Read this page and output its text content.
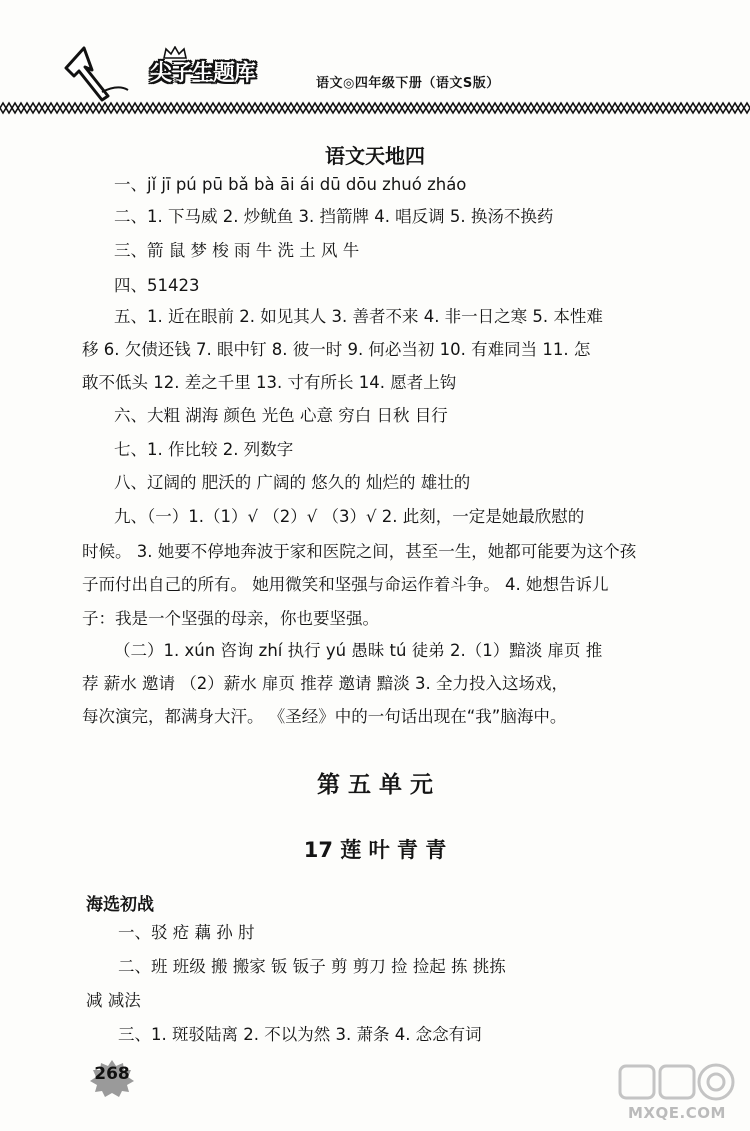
尖子生题库	语文◎四年级下册（语文S版）
语文天地四
一、jǐ jī pú pū bǎ bà āi ái dū dōu zhuó zháo
二、1. 下马威 2. 炒鱿鱼 3. 挡箭牌 4. 唱反调 5. 换汤不换药
三、箭 鼠 梦 梭 雨 牛 洗 土 风 牛
四、51423
五、1. 近在眼前 2. 如见其人 3. 善者不来 4. 非一日之寒 5. 本性难
移 6. 欠债还钱 7. 眼中钉 8. 彼一时 9. 何必当初 10. 有难同当 11. 怎
敢不低头 12. 差之千里 13. 寸有所长 14. 愿者上钩
六、大粗 湖海 颜色 光色 心意 穷白 日秋 目行
七、1. 作比较 2. 列数字
八、辽阔的 肥沃的 广阔的 悠久的 灿烂的 雄壮的
九、（一）1.（1）√ （2）√ （3）√ 2. 此刻，一定是她最欣慰的
时候。 3. 她要不停地奔波于家和医院之间，甚至一生，她都可能要为这个孩
子而付出自己的所有。 她用微笑和坚强与命运作着斗争。 4. 她想告诉儿
子：我是一个坚强的母亲，你也要坚强。
（二）1. xún 咨询 zhí 执行 yú 愚昧 tú 徒弟 2.（1）黯淡 扉页 推
荐 薪水 邀请 （2）薪水 扉页 推荐 邀请 黯淡 3. 全力投入这场戏，
每次演完，都满身大汗。 《圣经》中的一句话出现在“我”脑海中。
第 五 单 元
17 莲 叶 青 青
海选初战
一、驳 疮 藕 孙 肘
二、班 班级 搬 搬家 钣 钣子 剪 剪刀 捡 捡起 拣 挑拣
减 减法
三、1. 斑驳陆离 2. 不以为然 3. 萧条 4. 念念有词
268
MXQE.COM
